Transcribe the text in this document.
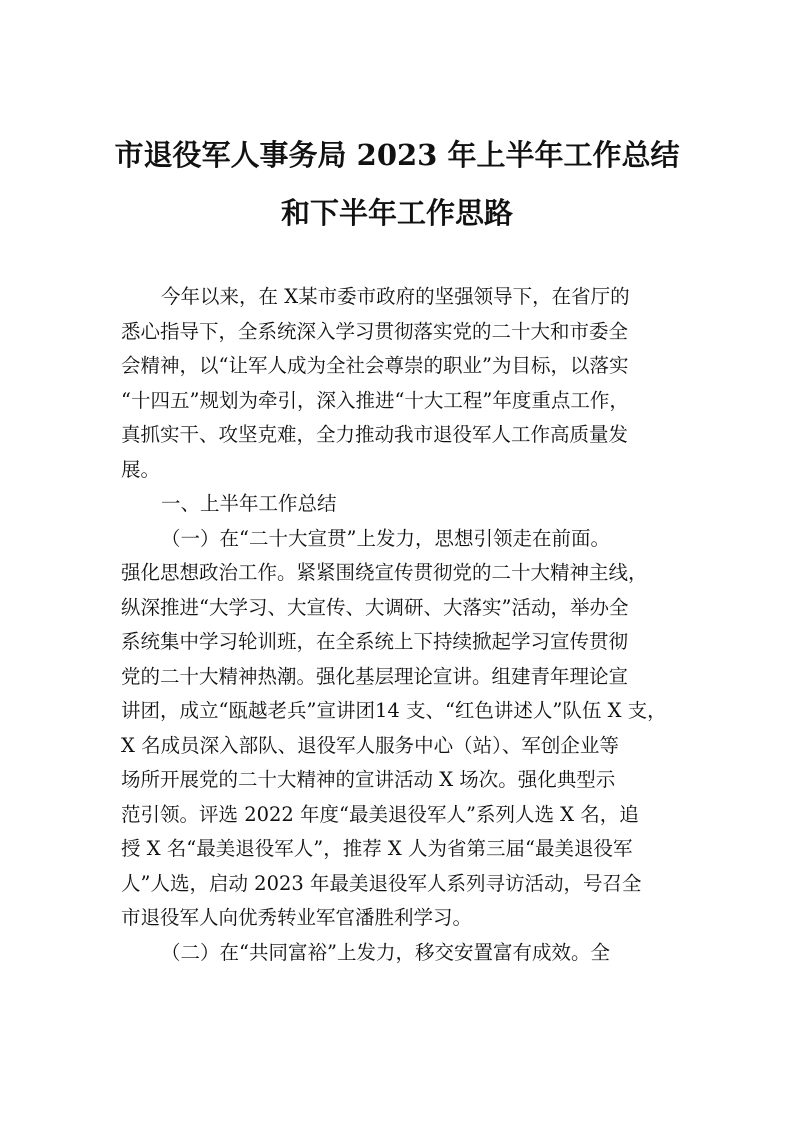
市退役军人事务局 2023 年上半年工作总结
和下半年工作思路
今年以来，在 X某市委市政府的坚强领导下，在省厅的
悉心指导下，全系统深入学习贯彻落实党的二十大和市委全
会精神，以“让军人成为全社会尊崇的职业”为目标，以落实
“十四五”规划为牵引，深入推进“十大工程”年度重点工作，
真抓实干、攻坚克难，全力推动我市退役军人工作高质量发
展。
一、上半年工作总结
（一）在“二十大宣贯”上发力，思想引领走在前面。
强化思想政治工作。紧紧围绕宣传贯彻党的二十大精神主线，
纵深推进“大学习、大宣传、大调研、大落实”活动，举办全
系统集中学习轮训班，在全系统上下持续掀起学习宣传贯彻
党的二十大精神热潮。强化基层理论宣讲。组建青年理论宣
讲团，成立“瓯越老兵”宣讲团14 支、“红色讲述人”队伍 X 支，
X 名成员深入部队、退役军人服务中心（站）、军创企业等
场所开展党的二十大精神的宣讲活动 X 场次。强化典型示
范引领。评选 2022 年度“最美退役军人”系列人选 X 名，追
授 X 名“最美退役军人”，推荐 X 人为省第三届“最美退役军
人”人选，启动 2023 年最美退役军人系列寻访活动，号召全
市退役军人向优秀转业军官潘胜利学习。
（二）在“共同富裕”上发力，移交安置富有成效。全
